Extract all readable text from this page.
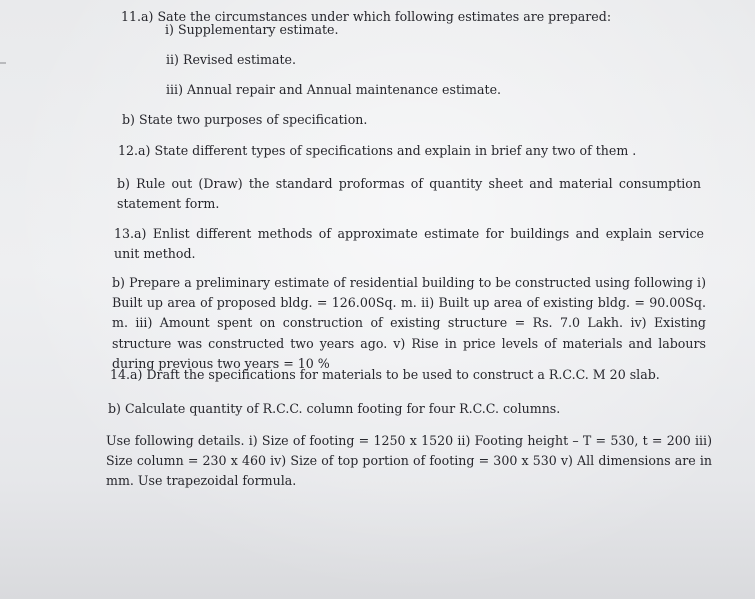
11.a) Sate the circumstances under which following estimates are prepared:

i) Supplementary estimate.

ii) Revised estimate.

iii) Annual repair and Annual maintenance estimate.

b) State two purposes of specification.

12.a) State different types of specifications and explain in brief any two of them .

b) Rule out (Draw) the standard proformas of quantity sheet and material consumption statement form.

13.a) Enlist different methods of approximate estimate for buildings and explain service unit method.

b) Prepare a preliminary estimate of residential building to be constructed using following i) Built up area of proposed bldg. = 126.00Sq. m. ii) Built up area of existing bldg. = 90.00Sq. m. iii) Amount spent on construction of existing structure = Rs. 7.0 Lakh. iv) Existing structure was constructed two years ago. v) Rise in price levels of materials and labours during previous two years = 10 %

14.a) Draft the specifications for materials to be used to construct a R.C.C. M 20 slab.

b) Calculate quantity of R.C.C. column footing for four R.C.C. columns.

Use following details. i) Size of footing = 1250 x 1520 ii) Footing height – T = 530, t = 200 iii) Size column = 230 x 460 iv) Size of top portion of footing = 300 x 530 v) All dimensions are in mm. Use trapezoidal formula.
